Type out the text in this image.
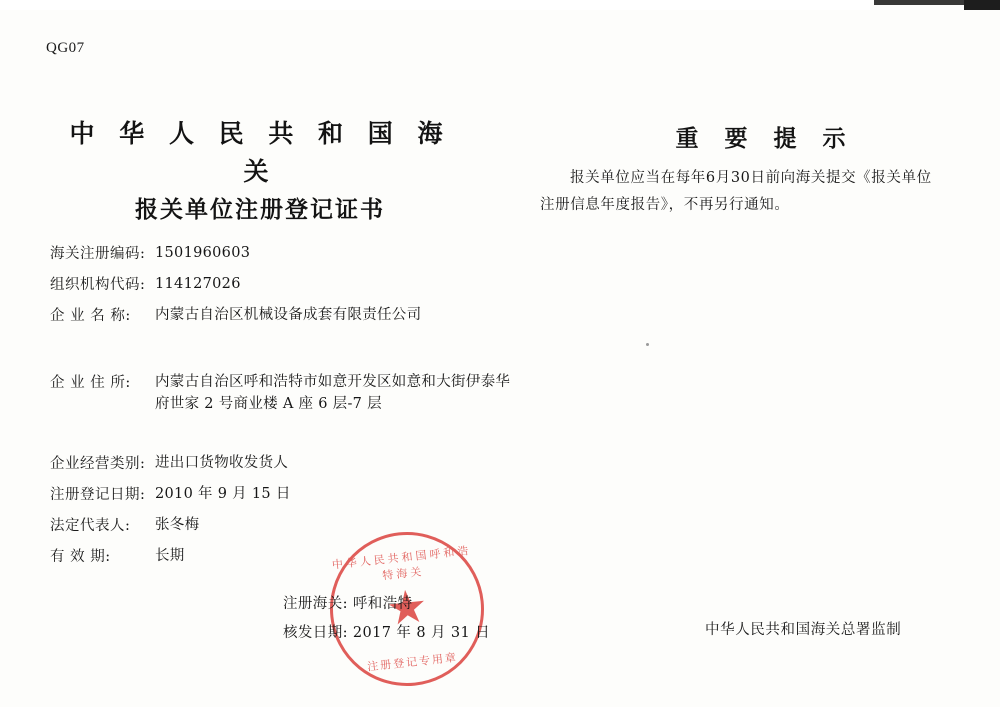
QG07
中 华 人 民 共 和 国 海 关
报关单位注册登记证书
海关注册编码: 1501960603
组织机构代码: 114127026
企 业 名 称:	内蒙古自治区机械设备成套有限责任公司
企 业 住 所:	内蒙古自治区呼和浩特市如意开发区如意和大街伊泰华府世家 2 号商业楼 A 座 6 层-7 层
企业经营类别: 进出口货物收发货人
注册登记日期: 2010 年 9 月 15 日
法定代表人:	张冬梅
有 效 期:	长期
重 要 提 示
报关单位应当在每年6月30日前向海关提交《报关单位注册信息年度报告》，不再另行通知。
中华人民共和国呼和浩特海关
★
注册登记专用章
注册海关: 呼和浩特
核发日期: 2017 年 8 月 31 日	中华人民共和国海关总署监制
